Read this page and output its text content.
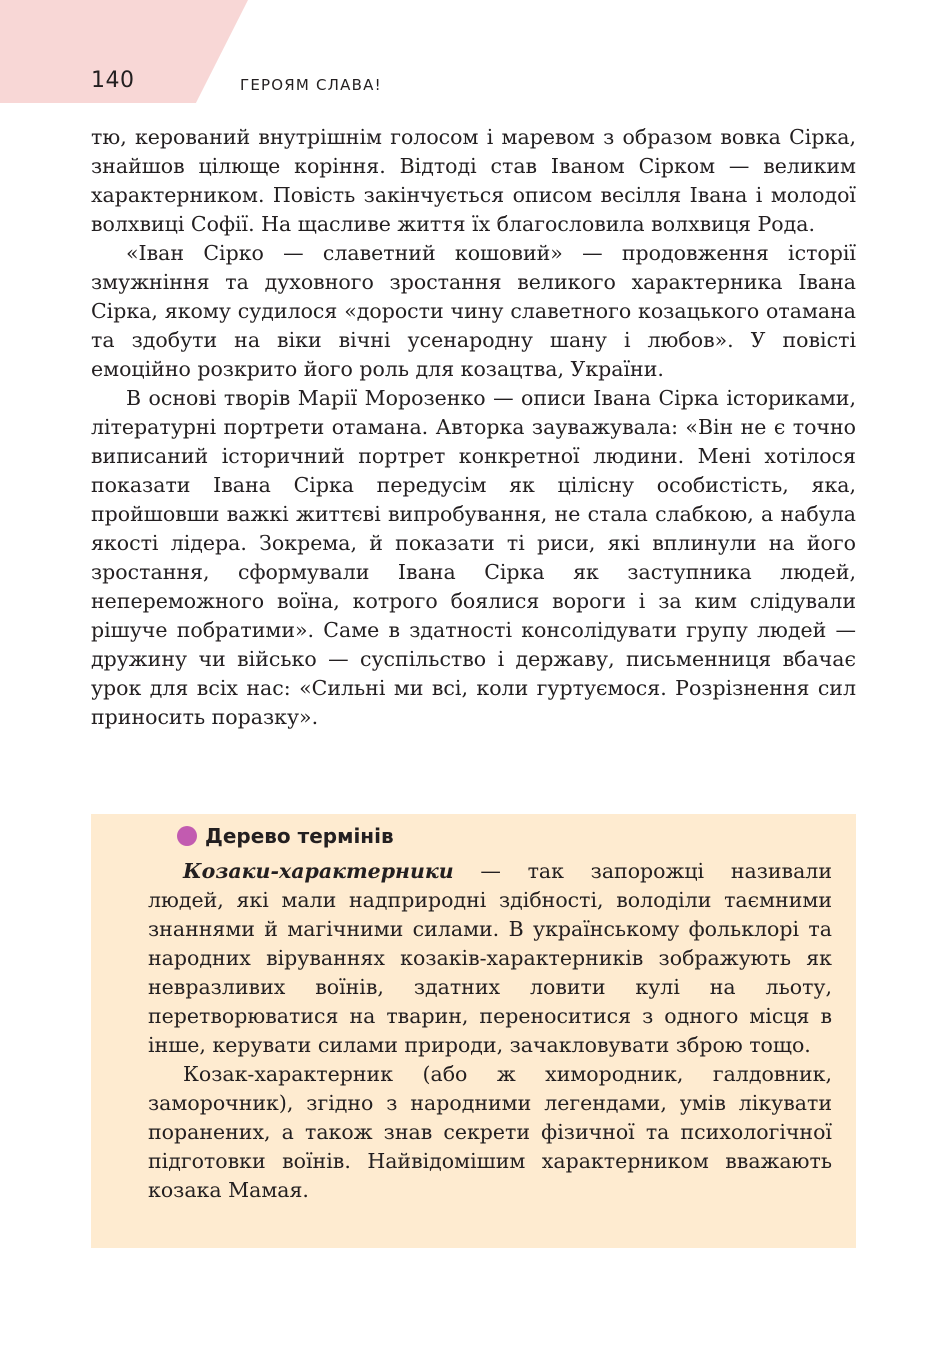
140	ГЕРОЯМ СЛАВА!

тю, керований внутрішнім голосом і маревом з образом вовка Сірка, знайшов цілюще коріння. Відтоді став Іваном Сірком — великим характерником. Повість закінчується описом весілля Івана і молодої волхвиці Софії. На щасливе життя їх благословила волхвиця Рода.

«Іван Сірко — славетний кошовий» — продовження історії змужніння та духовного зростання великого характерника Івана Сірка, якому судилося «дорости чину славетного козацького отамана та здобути на віки вічні усенародну шану і любов». У повісті емоційно розкрито його роль для козацтва, України.

В основі творів Марії Морозенко — описи Івана Сірка істориками, літературні портрети отамана. Авторка зауважувала: «Він не є точно виписаний історичний портрет конкретної людини. Мені хотілося показати Івана Сірка передусім як цілісну особистість, яка, пройшовши важкі життєві випробування, не стала слабкою, а набула якості лідера. Зокрема, й показати ті риси, які вплинули на його зростання, сформували Івана Сірка як заступника людей, непереможного воїна, котрого боялися вороги і за ким слідували рішуче побратими». Саме в здатності консолідувати групу людей — дружину чи військо — суспільство і державу, письменниця вбачає урок для всіх нас: «Сильні ми всі, коли гуртуємося. Розрізнення сил приносить поразку».

Дерево термінів

Козаки-характерники — так запорожці називали людей, які мали надприродні здібності, володіли таємними знаннями й магічними силами. В українському фольклорі та народних віруваннях козаків-характерників зображують як невразливих воїнів, здатних ловити кулі на льоту, перетворюватися на тварин, переноситися з одного місця в інше, керувати силами природи, зачакловувати зброю тощо.

Козак-характерник (або ж химородник, галдовник, заморочник), згідно з народними легендами, умів лікувати поранених, а також знав секрети фізичної та психологічної підготовки воїнів. Найвідомішим характерником вважають козака Мамая.
